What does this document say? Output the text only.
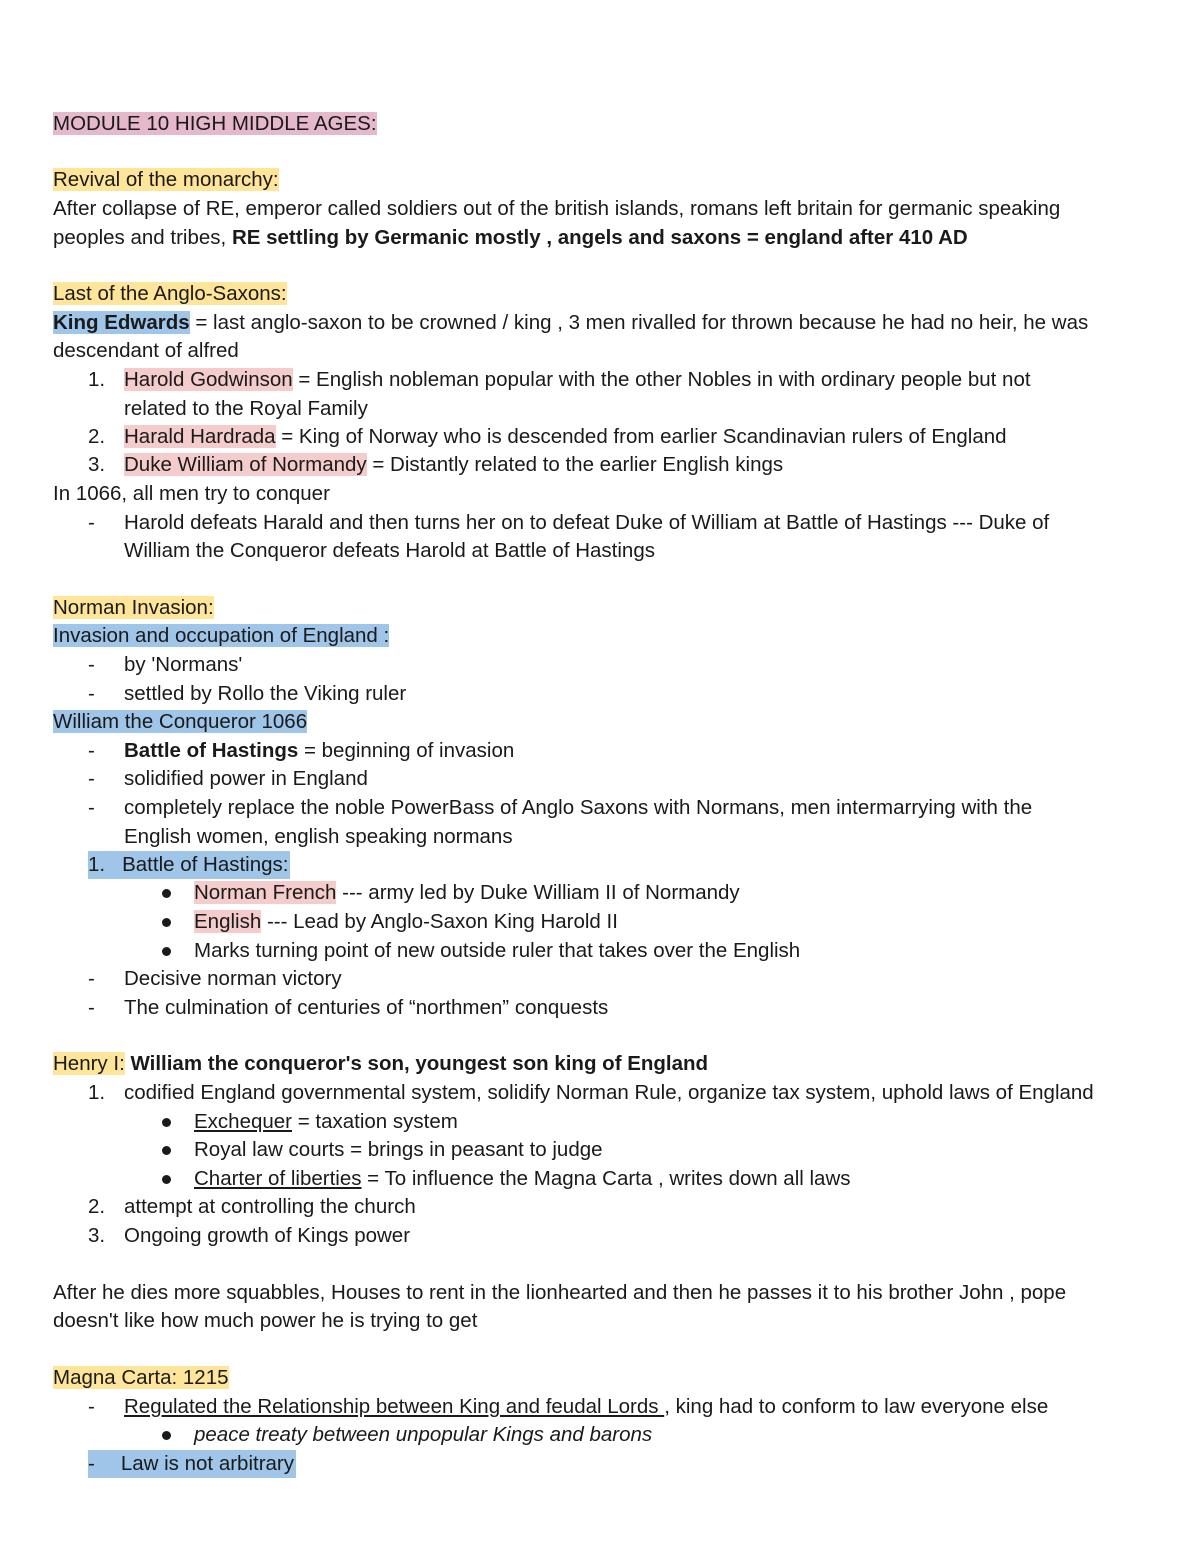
MODULE 10 HIGH MIDDLE AGES:
Revival of the monarchy:
After collapse of RE, emperor called soldiers out of the british islands, romans left britain for germanic speaking
peoples and tribes, RE settling by Germanic mostly , angels and saxons = england after 410 AD
Last of the Anglo-Saxons:
King Edwards = last anglo-saxon to be crowned / king , 3 men rivalled for thrown because he had no heir, he was
descendant of alfred
1. Harold Godwinson = English nobleman popular with the other Nobles in with ordinary people but not
related to the Royal Family
2. Harald Hardrada = King of Norway who is descended from earlier Scandinavian rulers of England
3. Duke William of Normandy = Distantly related to the earlier English kings
In 1066, all men try to conquer
- Harold defeats Harald and then turns her on to defeat Duke of William at Battle of Hastings --- Duke of
William the Conqueror defeats Harold at Battle of Hastings
Norman Invasion:
Invasion and occupation of England :
- by 'Normans'
- settled by Rollo the Viking ruler
William the Conqueror 1066
- Battle of Hastings = beginning of invasion
- solidified power in England
- completely replace the noble PowerBass of Anglo Saxons with Normans, men intermarrying with the
English women, english speaking normans
1. Battle of Hastings:
Norman French --- army led by Duke William II of Normandy
English --- Lead by Anglo-Saxon King Harold II
Marks turning point of new outside ruler that takes over the English
- Decisive norman victory
- The culmination of centuries of “northmen” conquests
Henry I: William the conqueror's son, youngest son king of England
1. codified England governmental system, solidify Norman Rule, organize tax system, uphold laws of England
Exchequer = taxation system
Royal law courts = brings in peasant to judge
Charter of liberties = To influence the Magna Carta , writes down all laws
2. attempt at controlling the church
3. Ongoing growth of Kings power
After he dies more squabbles, Houses to rent in the lionhearted and then he passes it to his brother John , pope
doesn't like how much power he is trying to get
Magna Carta: 1215
- Regulated the Relationship between King and feudal Lords , king had to conform to law everyone else
peace treaty between unpopular Kings and barons
- Law is not arbitrary
